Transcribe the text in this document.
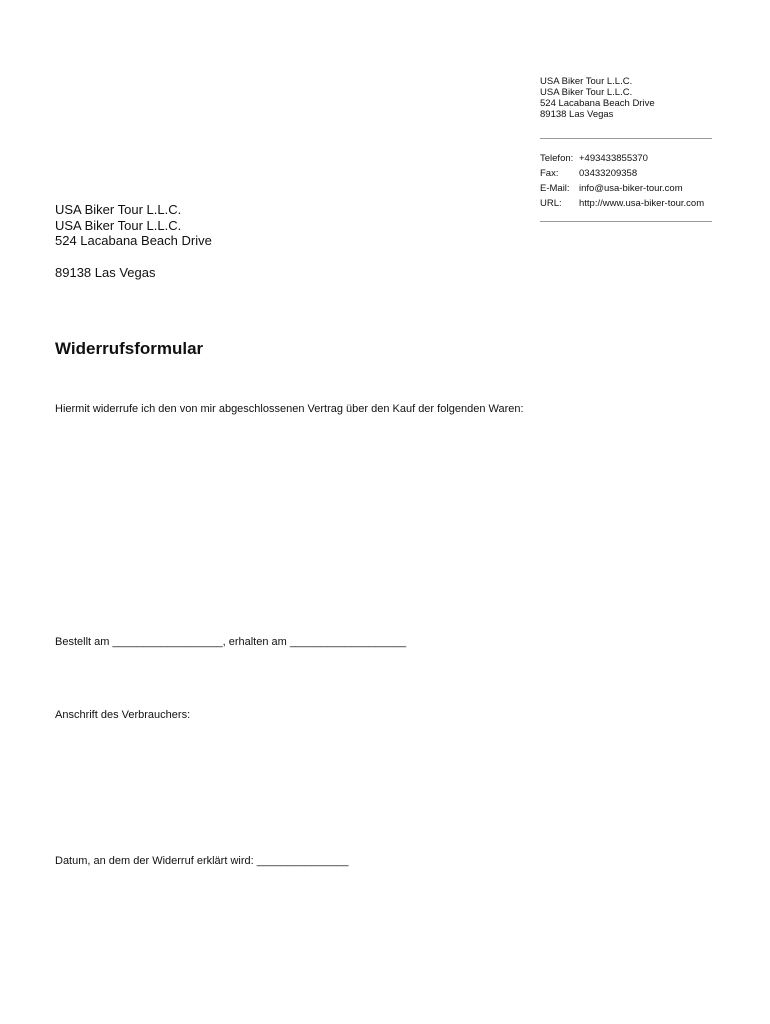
USA Biker Tour L.L.C.
USA Biker Tour L.L.C.
524 Lacabana Beach Drive
89138 Las Vegas
Telefon: +493433855370
Fax:	03433209358
E-Mail: info@usa-biker-tour.com
URL:	http://www.usa-biker-tour.com
USA Biker Tour L.L.C.
USA Biker Tour L.L.C.
524 Lacabana Beach Drive
89138 Las Vegas
Widerrufsformular
Hiermit widerrufe ich den von mir abgeschlossenen Vertrag über den Kauf der folgenden Waren:
Bestellt am __________________, erhalten am ___________________
Anschrift des Verbrauchers:
Datum, an dem der Widerruf erklärt wird: _______________
